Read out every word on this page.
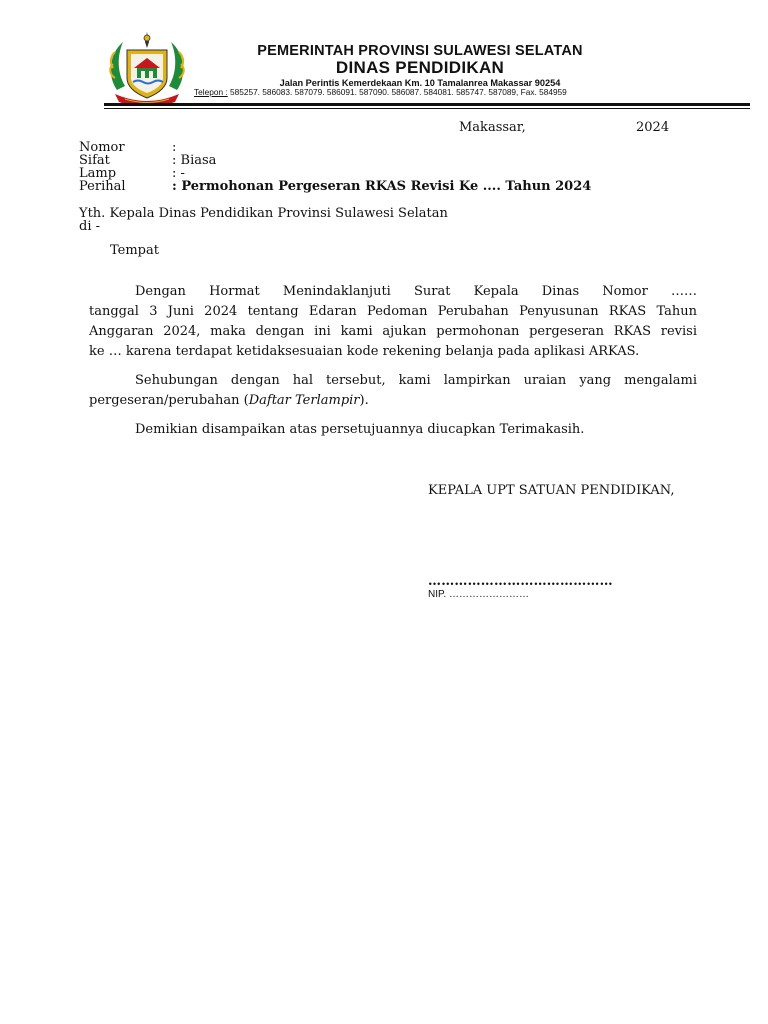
PEMERINTAH PROVINSI SULAWESI SELATAN
DINAS PENDIDIKAN
Jalan Perintis Kemerdekaan Km. 10 Tamalanrea Makassar 90254
Telepon : 585257. 586083. 587079. 586091. 587090. 586087. 584081. 585747. 587089, Fax. 584959
Makassar,	2024
Nomor	:
Sifat	: Biasa
Lamp	: -
Perihal	: Permohonan Pergeseran RKAS Revisi Ke .... Tahun 2024
Yth. Kepala Dinas Pendidikan Provinsi Sulawesi Selatan
di -
Tempat
Dengan Hormat Menindaklanjuti Surat Kepala Dinas Nomor ……
tanggal 3 Juni 2024 tentang Edaran Pedoman Perubahan Penyusunan RKAS Tahun
Anggaran 2024, maka dengan ini kami ajukan permohonan pergeseran RKAS revisi
ke … karena terdapat ketidaksesuaian kode rekening belanja pada aplikasi ARKAS.
Sehubungan dengan hal tersebut, kami lampirkan uraian yang mengalami
pergeseran/perubahan (Daftar Terlampir).
Demikian disampaikan atas persetujuannya diucapkan Terimakasih.
KEPALA UPT SATUAN PENDIDIKAN,
……………………………………
NIP. ……………………
